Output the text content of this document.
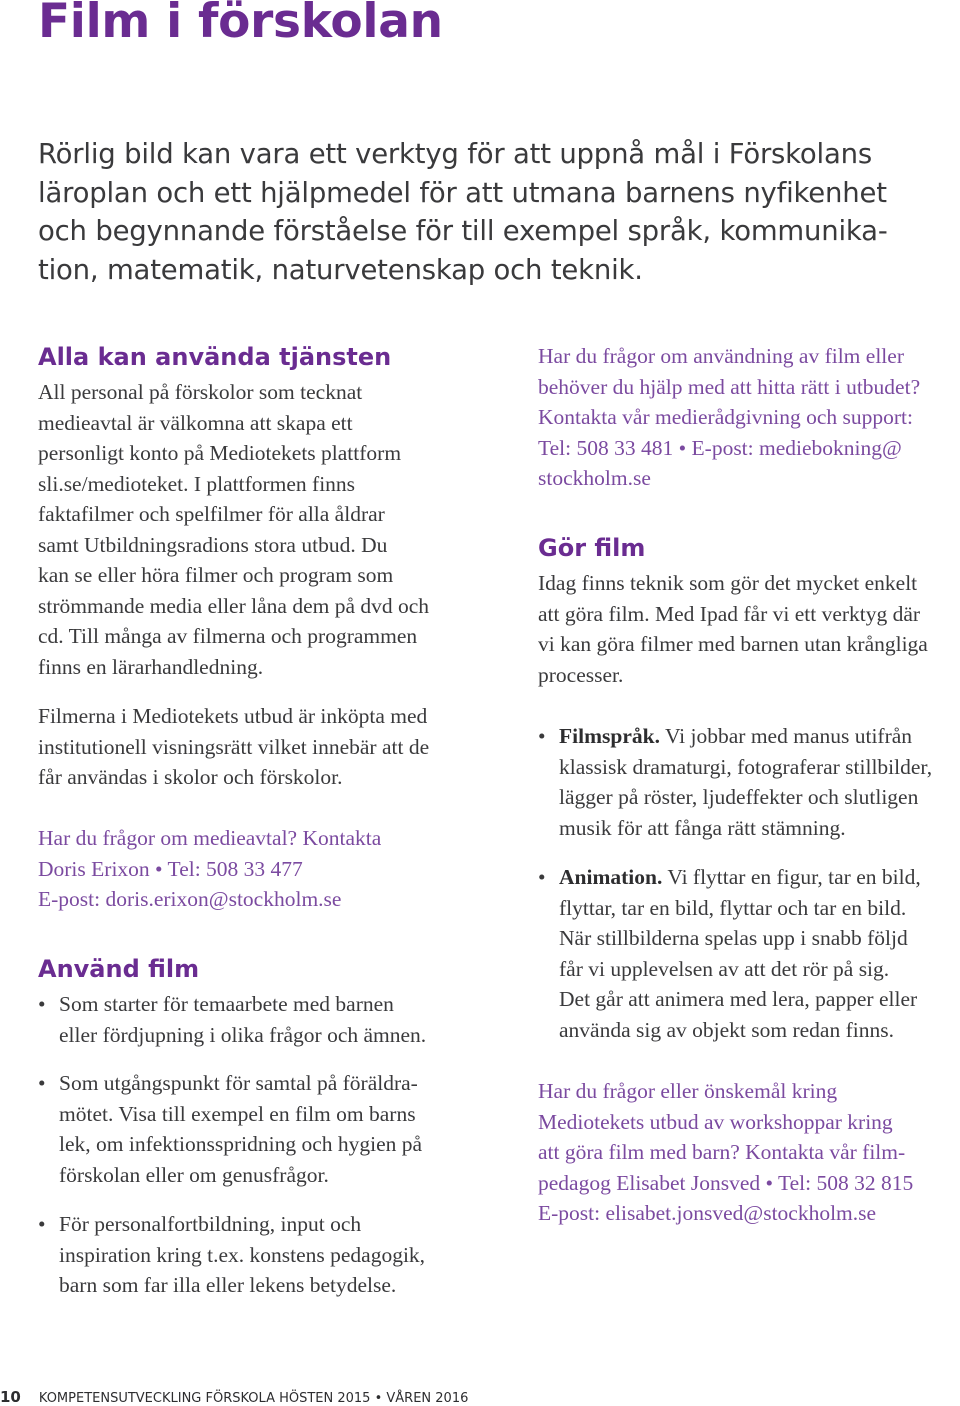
Film i förskolan
Rörlig bild kan vara ett verktyg för att uppnå mål i Förskolans
läroplan och ett hjälpmedel för att utmana barnens nyfikenhet
och begynnande förståelse för till exempel språk, kommunika-
tion, matematik, naturvetenskap och teknik.
Alla kan använda tjänsten
All personal på förskolor som tecknat
medieavtal är välkomna att skapa ett
personligt konto på Mediotekets plattform
sli.se/medioteket. I plattformen finns
faktafilmer och spelfilmer för alla åldrar
samt Utbildningsradions stora utbud. Du
kan se eller höra filmer och program som
strömmande media eller låna dem på dvd och
cd. Till många av filmerna och programmen
finns en lärarhandledning.
Filmerna i Mediotekets utbud är inköpta med
institutionell visningsrätt vilket innebär att de
får användas i skolor och förskolor.
Har du frågor om medieavtal? Kontakta
Doris Erixon • Tel: 508 33 477
E-post: doris.erixon@stockholm.se
Använd film
• Som starter för temaarbete med barnen
eller fördjupning i olika frågor och ämnen.
• Som utgångspunkt för samtal på föräldra-
mötet. Visa till exempel en film om barns
lek, om infektionsspridning och hygien på
förskolan eller om genusfrågor.
• För personalfortbildning, input och
inspiration kring t.ex. konstens pedagogik,
barn som far illa eller lekens betydelse.
Har du frågor om användning av film eller
behöver du hjälp med att hitta rätt i utbudet?
Kontakta vår medierådgivning och support:
Tel: 508 33 481 • E-post: mediebokning@
stockholm.se
Gör film
Idag finns teknik som gör det mycket enkelt
att göra film. Med Ipad får vi ett verktyg där
vi kan göra filmer med barnen utan krångliga
processer.
• Filmspråk. Vi jobbar med manus utifrån
klassisk dramaturgi, fotograferar stillbilder,
lägger på röster, ljudeffekter och slutligen
musik för att fånga rätt stämning.
• Animation. Vi flyttar en figur, tar en bild,
flyttar, tar en bild, flyttar och tar en bild.
När stillbilderna spelas upp i snabb följd
får vi upplevelsen av att det rör på sig.
Det går att animera med lera, papper eller
använda sig av objekt som redan finns.
Har du frågor eller önskemål kring
Mediotekets utbud av workshoppar kring
att göra film med barn? Kontakta vår film-
pedagog Elisabet Jonsved • Tel: 508 32 815
E-post: elisabet.jonsved@stockholm.se
10 KOMPETENSUTVECKLING FÖRSKOLA HÖSTEN 2015 • VÅREN 2016
